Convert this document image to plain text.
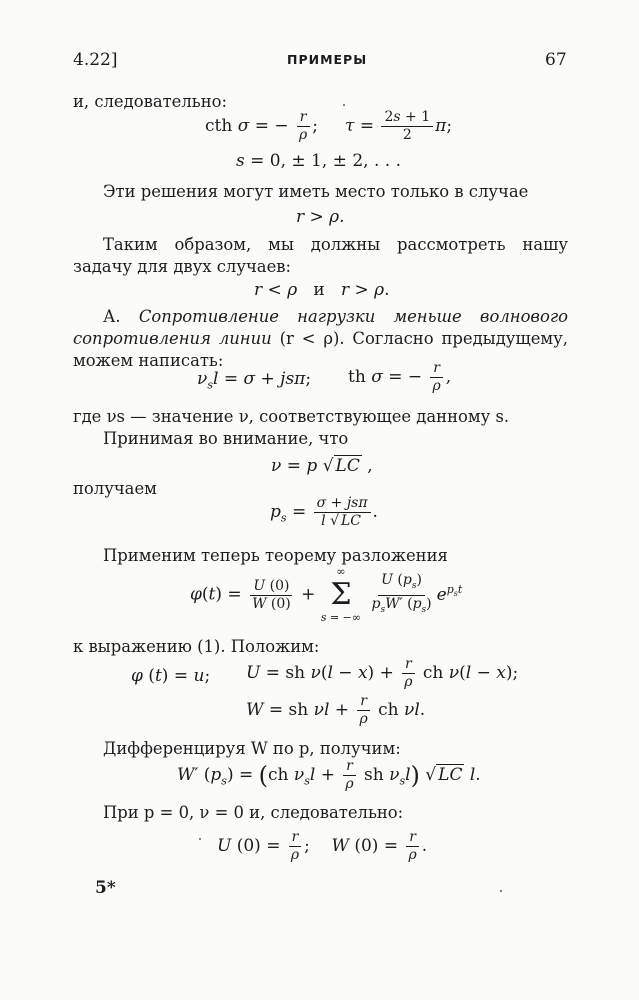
4.22]	ПРИМЕРЫ	67
и, следовательно:
cth σ = − $\frac{r}{\rho}$ ;     $\tau = \frac{2s + 1}{2} \pi$;
s = 0, ± 1, ± 2, . . .
Эти решения могут иметь место только в случае
r > ρ.
Таким образом, мы должны рассмотреть нашу задачу для двух случаев:
r < ρ   и   r > ρ.
А. Сопротивление нагрузки меньше волнового сопротивления линии (r < ρ). Согласно предыдущему, можем написать:
$\nu_sl = \sigma + js\pi$; th σ = − $\frac{r}{\rho}$ ,
где νs — значение ν, соответствующее данному s.
Принимая во внимание, что
ν = p √ LC ,
получаем
$p_s = \frac{\text{σ + jsπ}}{l √ LC}$ .
Применим теперь теорему разложения
$\varphi(t) = \frac{U (0)}{W (0)}$ +
∞
Σ
s = −∞
$\frac{U (p_s)}{p_sW' (p_s)} e^{p_st}$
к выражению (1). Положим:
φ (t) = u; U = sh $\nu(l - x) + \frac{r}{\rho}$ ch ν(l − x);
W = sh $\nu l + \frac{r}{\rho}$ ch νl.
Дифференцируя W по p, получим:
W′ $(p_s) = (ch$ $\nu_sl + \frac{r}{\rho}$ sh $\nu_sl$) √ LC l.
При p = 0, ν = 0 и, следовательно:
U $(0) = \frac{r}{\rho}$ ;    W $(0) = \frac{r}{\rho}$ .
5*
